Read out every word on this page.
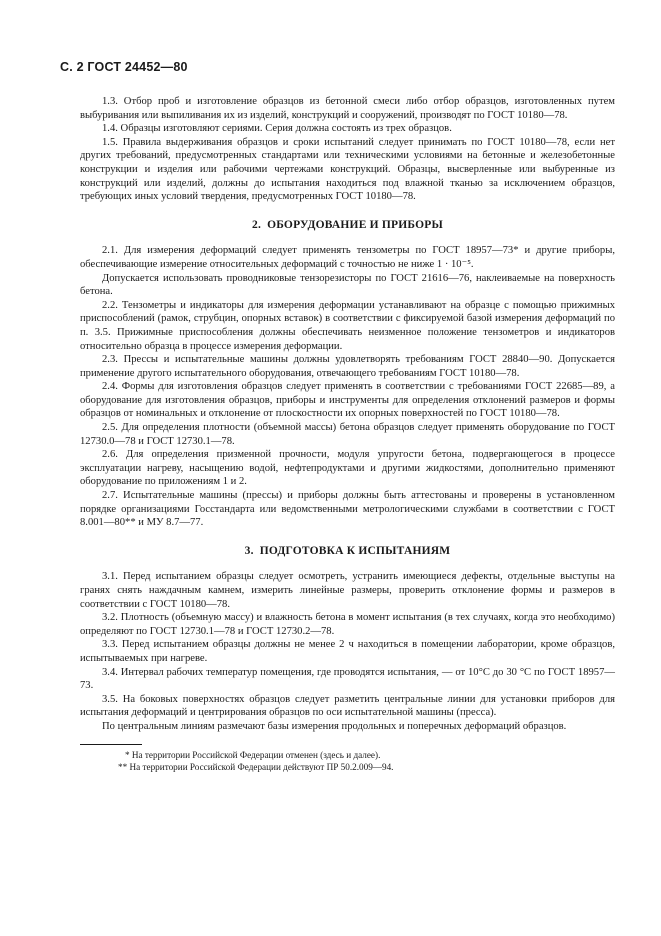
С. 2 ГОСТ 24452—80

1.3. Отбор проб и изготовление образцов из бетонной смеси либо отбор образцов, изготовленных путем выбуривания или выпиливания их из изделий, конструкций и сооружений, производят по ГОСТ 10180—78.

1.4. Образцы изготовляют сериями. Серия должна состоять из трех образцов.

1.5. Правила выдерживания образцов и сроки испытаний следует принимать по ГОСТ 10180—78, если нет других требований, предусмотренных стандартами или техническими условиями на бетонные и железобетонные конструкции и изделия или рабочими чертежами конструкций. Образцы, высверленные или выбуренные из конструкций или изделий, должны до испытания находиться под влажной тканью за исключением образцов, требующих иных условий твердения, предусмотренных ГОСТ 10180—78.

2. ОБОРУДОВАНИЕ И ПРИБОРЫ

2.1. Для измерения деформаций следует применять тензометры по ГОСТ 18957—73* и другие приборы, обеспечивающие измерение относительных деформаций с точностью не ниже 1 · 10⁻⁵.

Допускается использовать проводниковые тензорезисторы по ГОСТ 21616—76, наклеиваемые на поверхность бетона.

2.2. Тензометры и индикаторы для измерения деформации устанавливают на образце с помощью прижимных приспособлений (рамок, струбцин, опорных вставок) в соответствии с фиксируемой базой измерения деформаций по п. 3.5. Прижимные приспособления должны обеспечивать неизменное положение тензометров и индикаторов относительно образца в процессе измерения деформации.

2.3. Прессы и испытательные машины должны удовлетворять требованиям ГОСТ 28840—90. Допускается применение другого испытательного оборудования, отвечающего требованиям ГОСТ 10180—78.

2.4. Формы для изготовления образцов следует применять в соответствии с требованиями ГОСТ 22685—89, а оборудование для изготовления образцов, приборы и инструменты для определения отклонений размеров и формы образцов от номинальных и отклонение от плоскостности их опорных поверхностей по ГОСТ 10180—78.

2.5. Для определения плотности (объемной массы) бетона образцов следует применять оборудование по ГОСТ 12730.0—78 и ГОСТ 12730.1—78.

2.6. Для определения призменной прочности, модуля упругости бетона, подвергающегося в процессе эксплуатации нагреву, насыщению водой, нефтепродуктами и другими жидкостями, дополнительно применяют оборудование по приложениям 1 и 2.

2.7. Испытательные машины (прессы) и приборы должны быть аттестованы и проверены в установленном порядке организациями Госстандарта или ведомственными метрологическими службами в соответствии с ГОСТ 8.001—80** и МУ 8.7—77.

3. ПОДГОТОВКА К ИСПЫТАНИЯМ

3.1. Перед испытанием образцы следует осмотреть, устранить имеющиеся дефекты, отдельные выступы на гранях снять наждачным камнем, измерить линейные размеры, проверить отклонение формы и размеров в соответствии с ГОСТ 10180—78.

3.2. Плотность (объемную массу) и влажность бетона в момент испытания (в тех случаях, когда это необходимо) определяют по ГОСТ 12730.1—78 и ГОСТ 12730.2—78.

3.3. Перед испытанием образцы должны не менее 2 ч находиться в помещении лаборатории, кроме образцов, испытываемых при нагреве.

3.4. Интервал рабочих температур помещения, где проводятся испытания, — от 10°С до 30 °С по ГОСТ 18957—73.

3.5. На боковых поверхностях образцов следует разметить центральные линии для установки приборов для испытания деформаций и центрирования образцов по оси испытательной машины (пресса).

По центральным линиям размечают базы измерения продольных и поперечных деформаций образцов.

* На территории Российской Федерации отменен (здесь и далее).

** На территории Российской Федерации действуют ПР 50.2.009—94.
